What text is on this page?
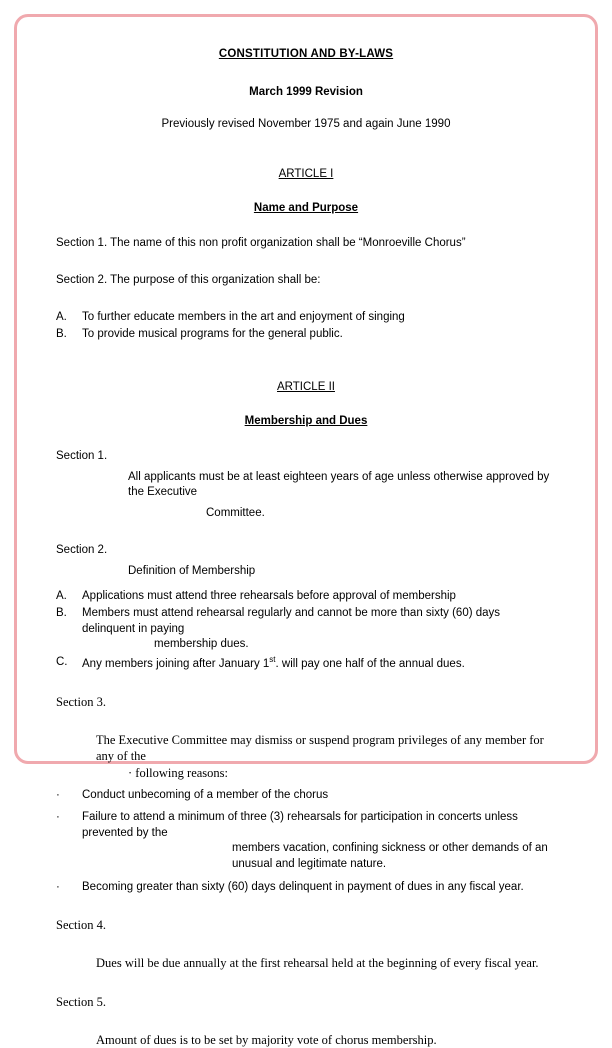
CONSTITUTION AND BY-LAWS
March 1999 Revision
Previously revised November 1975 and again June 1990
ARTICLE I
Name and Purpose

Section 1. The name of this non profit organization shall be “Monroeville Chorus”

Section 2. The purpose of this organization shall be:

A.	To further educate members in the art and enjoyment of singing
B.	To provide musical programs for the general public.
ARTICLE II
Membership and Dues

Section 1.

All applicants must be at least eighteen years of age unless otherwise approved by the Executive

Committee.

Section 2.

Definition of Membership

A.	Applications must attend three rehearsals before approval of membership
B.	Members must attend rehearsal regularly and cannot be more than sixty (60) days delinquent in paying
membership dues.
C.	Any members joining after January 1st. will pay one half of the annual dues.

Section 3.

The Executive Committee may dismiss or suspend program privileges of any member for any of the

· following reasons:

·	Conduct unbecoming of a member of the chorus
·	Failure to attend a minimum of three (3) rehearsals for participation in concerts unless prevented by the
members vacation, confining sickness or other demands of an unusual and legitimate nature.
·	Becoming greater than sixty (60) days delinquent in payment of dues in any fiscal year.

Section 4.

Dues will be due annually at the first rehearsal held at the beginning of every fiscal year.

Section 5.

Amount of dues is to be set by majority vote of chorus membership.
